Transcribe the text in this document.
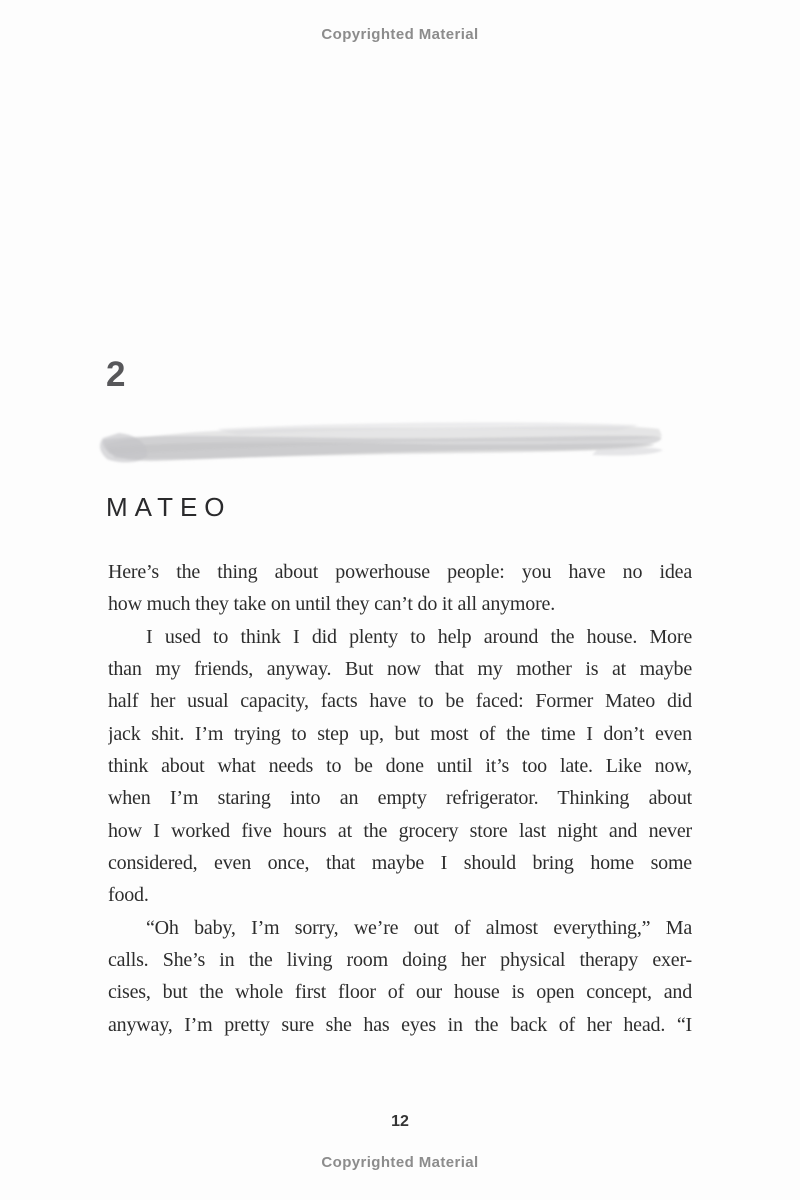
Copyrighted Material
2
MATEO
Here’s the thing about powerhouse people: you have no idea
how much they take on until they can’t do it all anymore.
I used to think I did plenty to help around the house. More
than my friends, anyway. But now that my mother is at maybe
half her usual capacity, facts have to be faced: Former Mateo did
jack shit. I’m trying to step up, but most of the time I don’t even
think about what needs to be done until it’s too late. Like now,
when I’m staring into an empty refrigerator. Thinking about
how I worked five hours at the grocery store last night and never
considered, even once, that maybe I should bring home some
food.
“Oh baby, I’m sorry, we’re out of almost everything,” Ma
calls. She’s in the living room doing her physical therapy exer-
cises, but the whole first floor of our house is open concept, and
anyway, I’m pretty sure she has eyes in the back of her head. “I
12
Copyrighted Material
